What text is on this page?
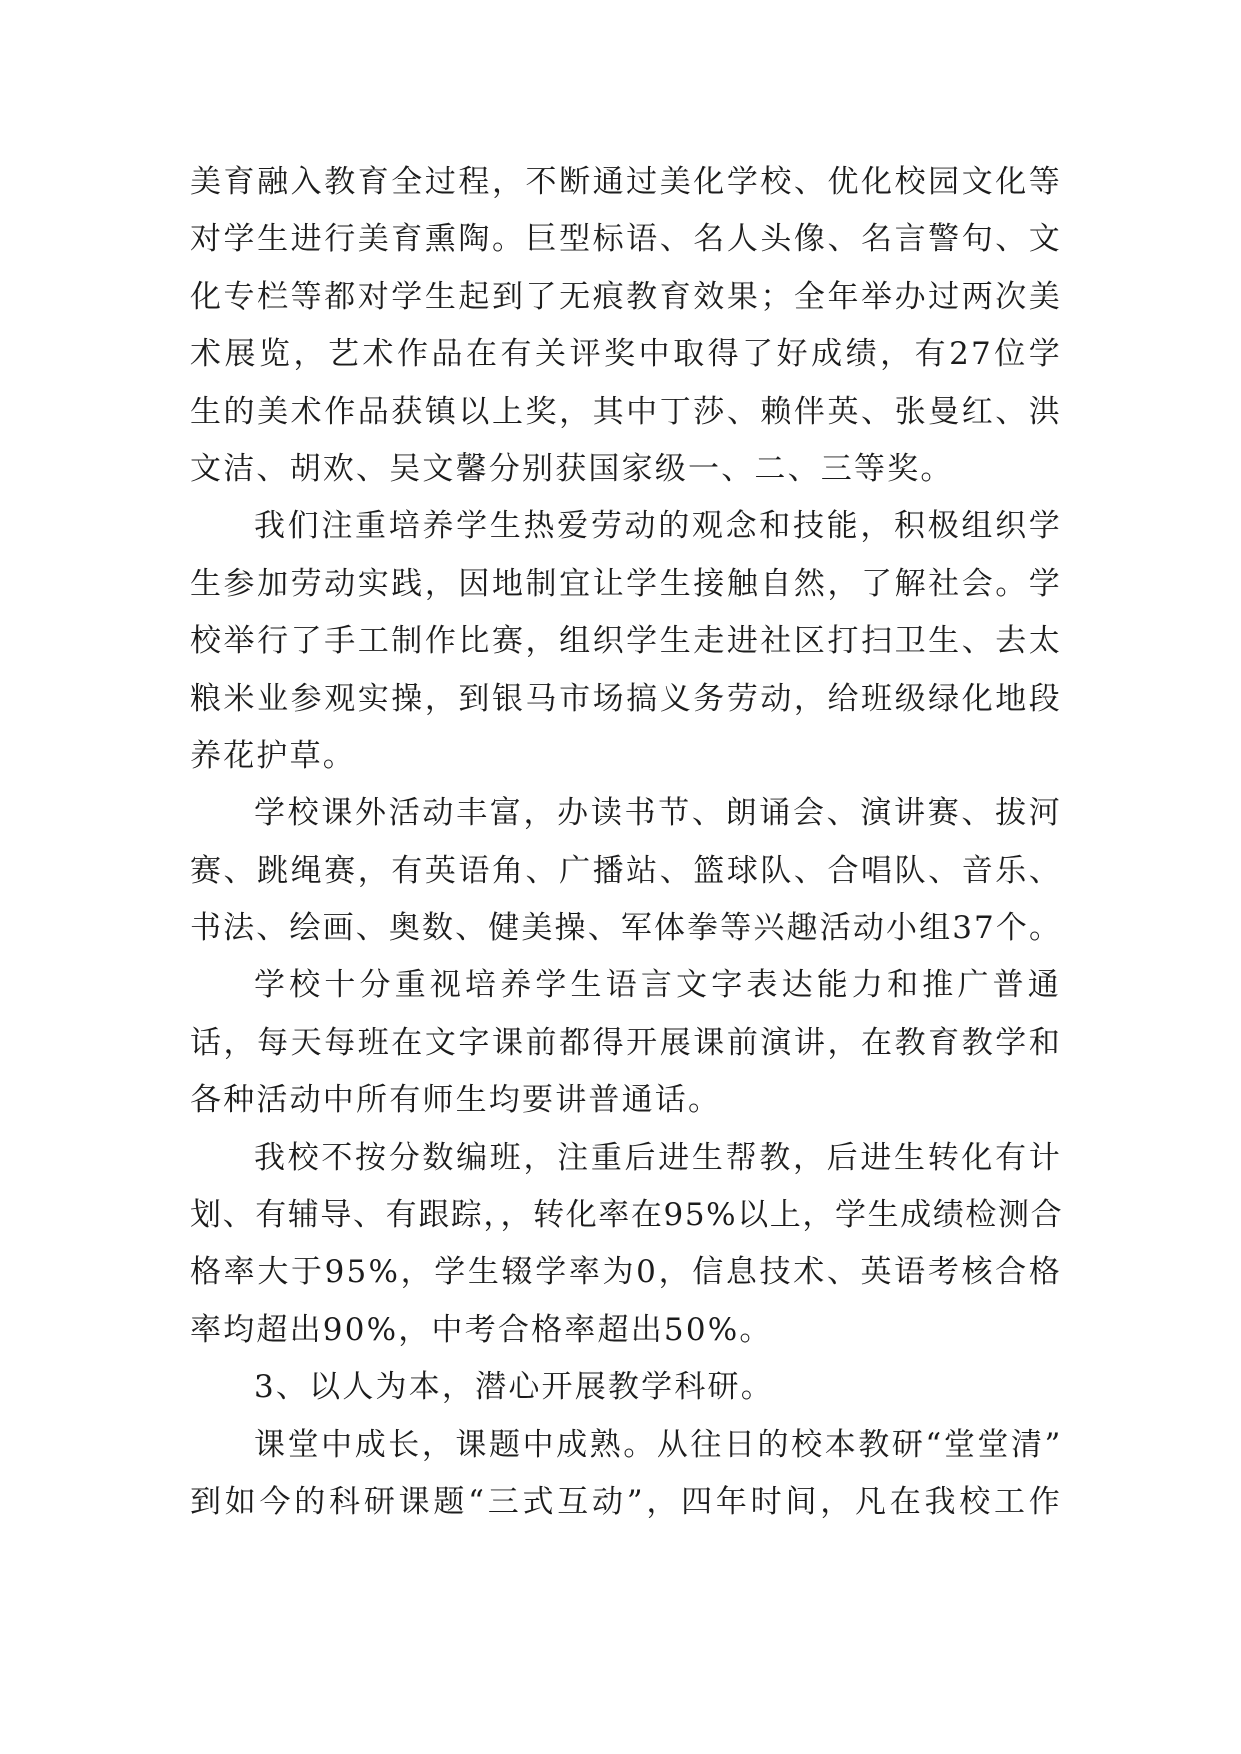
美育融入教育全过程，不断通过美化学校、优化校园文化等
对学生进行美育熏陶。巨型标语、名人头像、名言警句、文
化专栏等都对学生起到了无痕教育效果；全年举办过两次美
术展览，艺术作品在有关评奖中取得了好成绩，有27位学
生的美术作品获镇以上奖，其中丁莎、赖伴英、张曼红、洪
文洁、胡欢、吴文馨分别获国家级一、二、三等奖。
我们注重培养学生热爱劳动的观念和技能，积极组织学
生参加劳动实践，因地制宜让学生接触自然，了解社会。学
校举行了手工制作比赛，组织学生走进社区打扫卫生、去太
粮米业参观实操，到银马市场搞义务劳动，给班级绿化地段
养花护草。
学校课外活动丰富，办读书节、朗诵会、演讲赛、拔河
赛、跳绳赛，有英语角、广播站、篮球队、合唱队、音乐、
书法、绘画、奥数、健美操、军体拳等兴趣活动小组37个。
学校十分重视培养学生语言文字表达能力和推广普通
话，每天每班在文字课前都得开展课前演讲，在教育教学和
各种活动中所有师生均要讲普通话。
我校不按分数编班，注重后进生帮教，后进生转化有计
划、有辅导、有跟踪，，转化率在95%以上，学生成绩检测合
格率大于95%，学生辍学率为0，信息技术、英语考核合格
率均超出90%，中考合格率超出50%。
3、以人为本，潜心开展教学科研。
课堂中成长，课题中成熟。从往日的校本教研“堂堂清”
到如今的科研课题“三式互动”，四年时间，凡在我校工作
